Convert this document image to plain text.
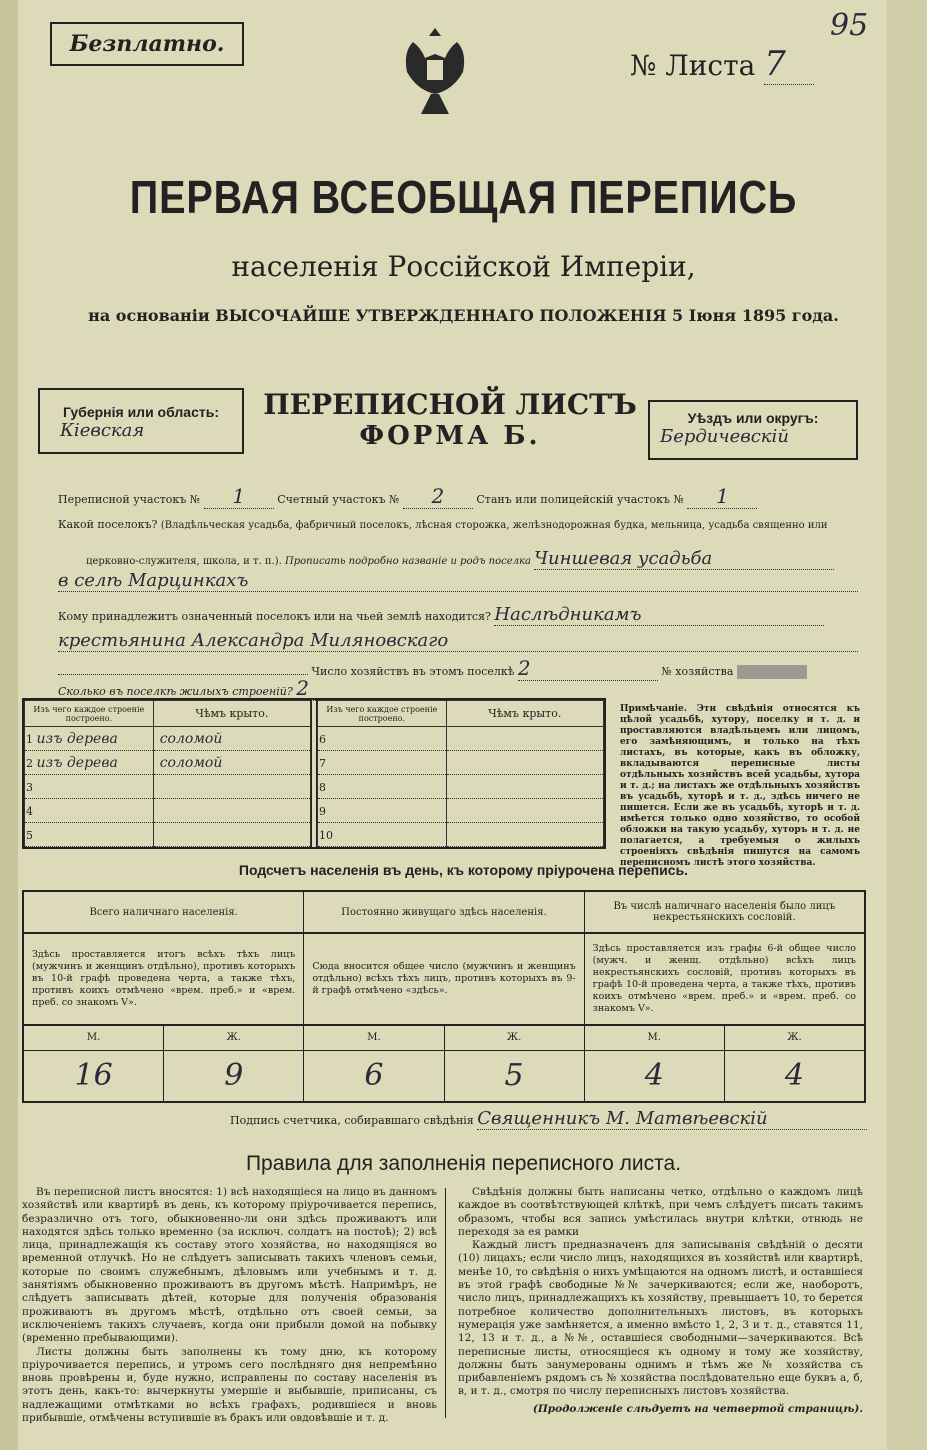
Безплатно.
№ Листа 7
95
ПЕРВАЯ ВСЕОБЩАЯ ПЕРЕПИСЬ
населенія Россійской Имперіи,
на основаніи ВЫСОЧАЙШЕ УТВЕРЖДЕННАГО ПОЛОЖЕНІЯ 5 Іюня 1895 года.
Губернія или область:
Кіевская
ПЕРЕПИСНОЙ ЛИСТЪ
ФОРМА Б.
Уѣздъ или округъ:
Бердичевскій
Переписной участокъ № 1	Счетный участокъ № 2	Станъ или полицейскій участокъ № 1
Какой поселокъ? (Владѣльческая усадьба, фабричный поселокъ, лѣсная сторожка, желѣзнодорожная будка, мельница, усадьба священно или
церковно-служителя, школа, и т. п.). Прописать подробно названіе и родъ поселка Чиншевая усадьба
в селѣ Марцинкахъ
Кому принадлежитъ означенный поселокъ или на чьей землѣ находится? Наслѣдникамъ
крестьянина Александра Миляновскаго
Число хозяйствъ въ этомъ поселкѣ 2	№ хозяйства
Сколько въ поселкѣ жилыхъ строеній? 2
Изъ чего каждое строеніе построено.	Чѣмъ крыто.
1 изъ дерева	соломой
2 изъ дерева	соломой
3	
4	
5	
Изъ чего каждое строеніе построено.	Чѣмъ крыто.
6	
7	
8	
9	
10	
Примѣчаніе. Эти свѣдѣнія относятся къ цѣлой усадьбѣ, хутору, поселку и т. д. и проставляются владѣльцемъ или лицомъ, его замѣняющимъ, и только на тѣхъ листахъ, въ которые, какъ въ обложку, вкладываются переписные листы отдѣльныхъ хозяйствъ всей усадьбы, хутора и т. д.; на листахъ же отдѣльныхъ хозяйствъ въ усадьбѣ, хуторѣ и т. д., здѣсь ничего не пишется. Если же въ усадьбѣ, хуторѣ и т. д. имѣется только одно хозяйство, то особой обложки на такую усадьбу, хуторъ и т. д. не полагается, а требуемыя о жилыхъ строеніяхъ свѣдѣнія пишутся на самомъ переписномъ листѣ этого хозяйства.
Подсчетъ населенія въ день, къ которому пріурочена перепись.
Всего наличнаго населенія.
Здѣсь проставляется итогъ всѣхъ тѣхъ лицъ (мужчинъ и женщинъ отдѣльно), противъ которыхъ въ 10-й графѣ проведена черта, а также тѣхъ, противъ коихъ отмѣчено «врем. преб.» и «врем. преб. со знакомъ V».
М.	Ж.
16	9
Постоянно живущаго здѣсь населенія.
Сюда вносится общее число (мужчинъ и женщинъ отдѣльно) всѣхъ тѣхъ лицъ, противъ которыхъ въ 9-й графѣ отмѣчено «здѣсь».
М.	Ж.
6	5
Въ числѣ наличнаго населенія было лицъ некрестьянскихъ сословій.
Здѣсь проставляется изъ графы 6-й общее число (мужч. и женщ. отдѣльно) всѣхъ лицъ некрестьянскихъ сословій, противъ которыхъ въ графѣ 10-й проведена черта, а также тѣхъ, противъ коихъ отмѣчено «врем. преб.» и «врем. преб. со знакомъ V».
М.	Ж.
4	4
Подпись счетчика, собиравшаго свѣдѣнія Священникъ М. Матвѣевскій
Правила для заполненія переписного листа.
Въ переписной листъ вносятся: 1) всѣ находящіеся на лицо въ данномъ хозяйствѣ или квартирѣ въ день, къ которому пріурочивается перепись, безразлично отъ того, обыкновенно-ли они здѣсь проживаютъ или находятся здѣсь только временно (за исключ. солдатъ на постоѣ); 2) всѣ лица, принадлежащія къ составу этого хозяйства, но находящіяся во временной отлучкѣ. Но не слѣдуетъ записывать такихъ членовъ семьи, которые по своимъ служебнымъ, дѣловымъ или учебнымъ и т. д. занятіямъ обыкновенно проживаютъ въ другомъ мѣстѣ. Напримѣръ, не слѣдуетъ записывать дѣтей, которые для полученія образованія проживаютъ въ другомъ мѣстѣ, отдѣльно отъ своей семьи, за исключеніемъ такихъ случаевъ, когда они прибыли домой на побывку (временно пребывающими).
Листы должны быть заполнены къ тому дню, къ которому пріурочивается перепись, и утромъ сего послѣдняго дня непремѣнно вновь провѣрены и, буде нужно, исправлены по составу населенія въ этотъ день, какъ-то: вычеркнуты умершіе и выбывшіе, приписаны, съ надлежащими отмѣтками во всѣхъ графахъ, родившіеся и вновь прибывшіе, отмѣчены вступившіе въ бракъ или овдовѣвшіе и т. д.
Свѣдѣнія должны быть написаны четко, отдѣльно о каждомъ лицѣ каждое въ соотвѣтствующей клѣткѣ, при чемъ слѣдуетъ писать такимъ образомъ, чтобы вся запись умѣстилась внутри клѣтки, отнюдь не переходя за ея рамки
Каждый листъ предназначенъ для записыванія свѣдѣній о десяти (10) лицахъ; если число лицъ, находящихся въ хозяйствѣ или квартирѣ, менѣе 10, то свѣдѣнія о нихъ умѣщаются на одномъ листѣ, и оставшіеся въ этой графѣ свободные №№ зачеркиваются; если же, наоборотъ, число лицъ, принадлежащихъ къ хозяйству, превышаетъ 10, то берется потребное количество дополнительныхъ листовъ, въ которыхъ нумерація уже замѣняется, а именно вмѣсто 1, 2, 3 и т. д., ставятся 11, 12, 13 и т. д., а №№, оставшіеся свободными—зачеркиваются. Всѣ переписные листы, относящіеся къ одному и тому же хозяйству, должны быть занумерованы однимъ и тѣмъ же № хозяйства съ прибавленіемъ рядомъ съ № хозяйства послѣдовательно еще буквъ а, б, в, и т. д., смотря по числу переписныхъ листовъ хозяйства.
(Продолженіе слѣдуетъ на четвертой страницѣ).
